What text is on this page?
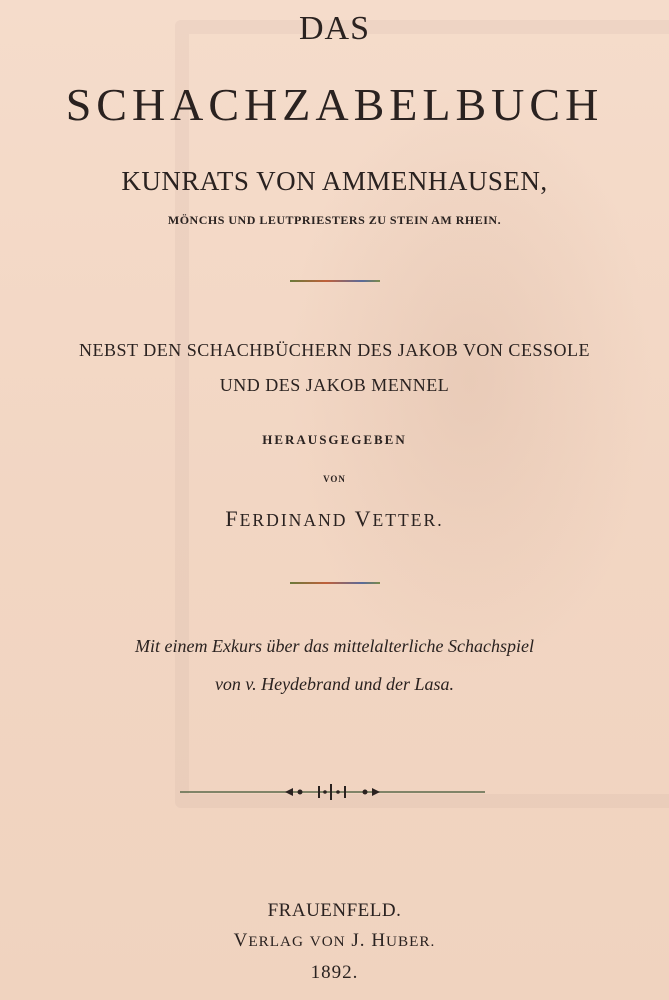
DAS
SCHACHZABELBUCH
KUNRATS VON AMMENHAUSEN,
MÖNCHS UND LEUTPRIESTERS ZU STEIN AM RHEIN.
NEBST DEN SCHACHBÜCHERN DES JAKOB VON CESSOLE
UND DES JAKOB MENNEL
HERAUSGEGEBEN
VON
FERDINAND VETTER.
Mit einem Exkurs über das mittelalterliche Schachspiel
von v. Heydebrand und der Lasa.
FRAUENFELD.
VERLAG VON J. HUBER.
1892.
